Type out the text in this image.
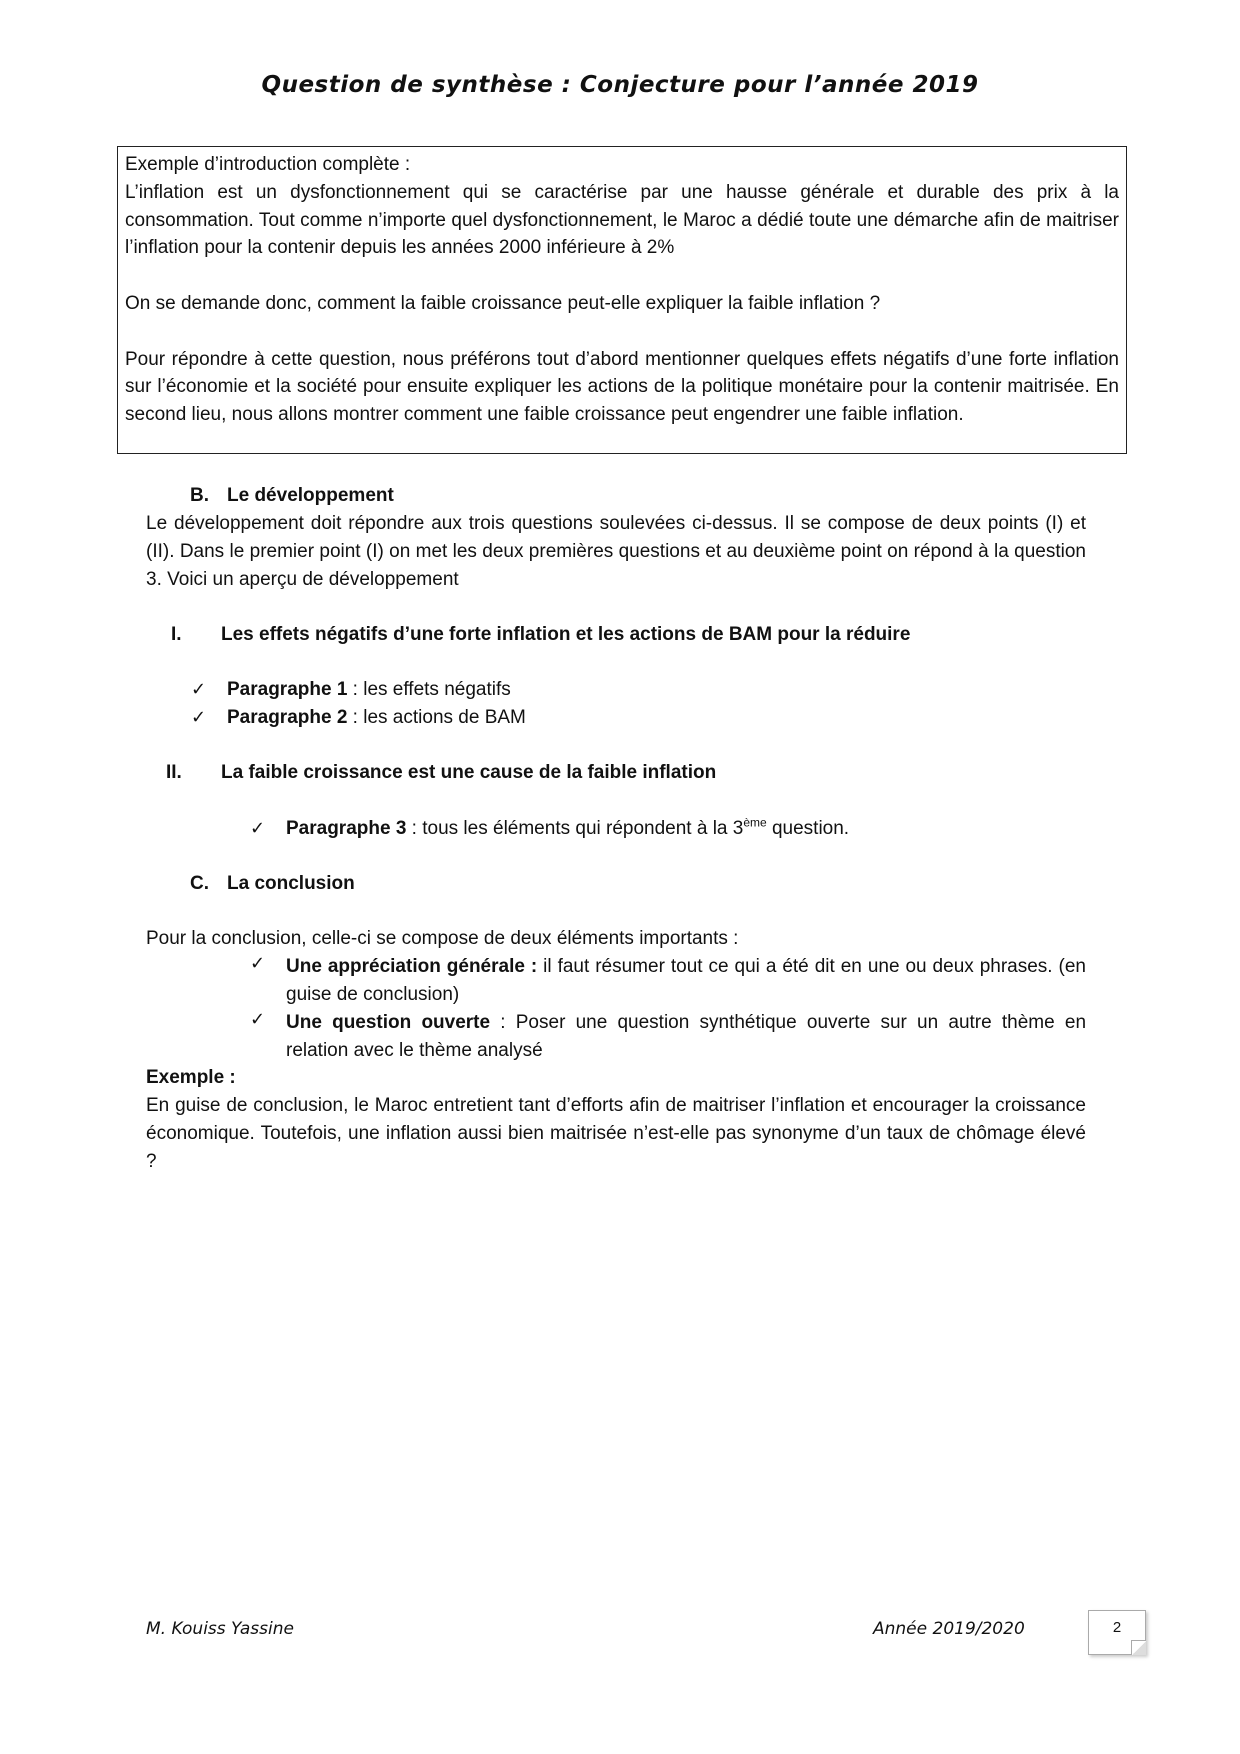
Question de synthèse : Conjecture pour l’année 2019

Exemple d’introduction complète :

L’inflation est un dysfonctionnement qui se caractérise par une hausse générale et durable des prix à la consommation. Tout comme n’importe quel dysfonctionnement, le Maroc a dédié toute une démarche afin de maitriser l’inflation pour la contenir depuis les années 2000 inférieure à 2%

On se demande donc, comment la faible croissance peut-elle expliquer la faible inflation ?

Pour répondre à cette question, nous préférons tout d’abord mentionner quelques effets négatifs d’une forte inflation sur l’économie et la société pour ensuite expliquer les actions de la politique monétaire pour la contenir maitrisée. En second lieu, nous allons montrer comment une faible croissance peut engendrer une faible inflation.

B. Le développement

Le développement doit répondre aux trois questions soulevées ci-dessus. Il se compose de deux points (I) et (II). Dans le premier point (I) on met les deux premières questions et au deuxième point on répond à la question 3. Voici un aperçu de développement

I. Les effets négatifs d’une forte inflation et les actions de BAM pour la réduire
✓ Paragraphe 1 : les effets négatifs
✓ Paragraphe 2 : les actions de BAM
II. La faible croissance est une cause de la faible inflation
✓ Paragraphe 3 : tous les éléments qui répondent à la 3ème question.
C. La conclusion
Pour la conclusion, celle-ci se compose de deux éléments importants :
✓	Une appréciation générale : il faut résumer tout ce qui a été dit en une ou deux phrases. (en guise de conclusion)

✓	Une question ouverte : Poser une question synthétique ouverte sur un autre thème en relation avec le thème analysé

Exemple :

En guise de conclusion, le Maroc entretient tant d’efforts afin de maitriser l’inflation et encourager la croissance économique. Toutefois, une inflation aussi bien maitrisée n’est-elle pas synonyme d’un taux de chômage élevé ?

M. Kouiss Yassine	Année 2019/2020	2
